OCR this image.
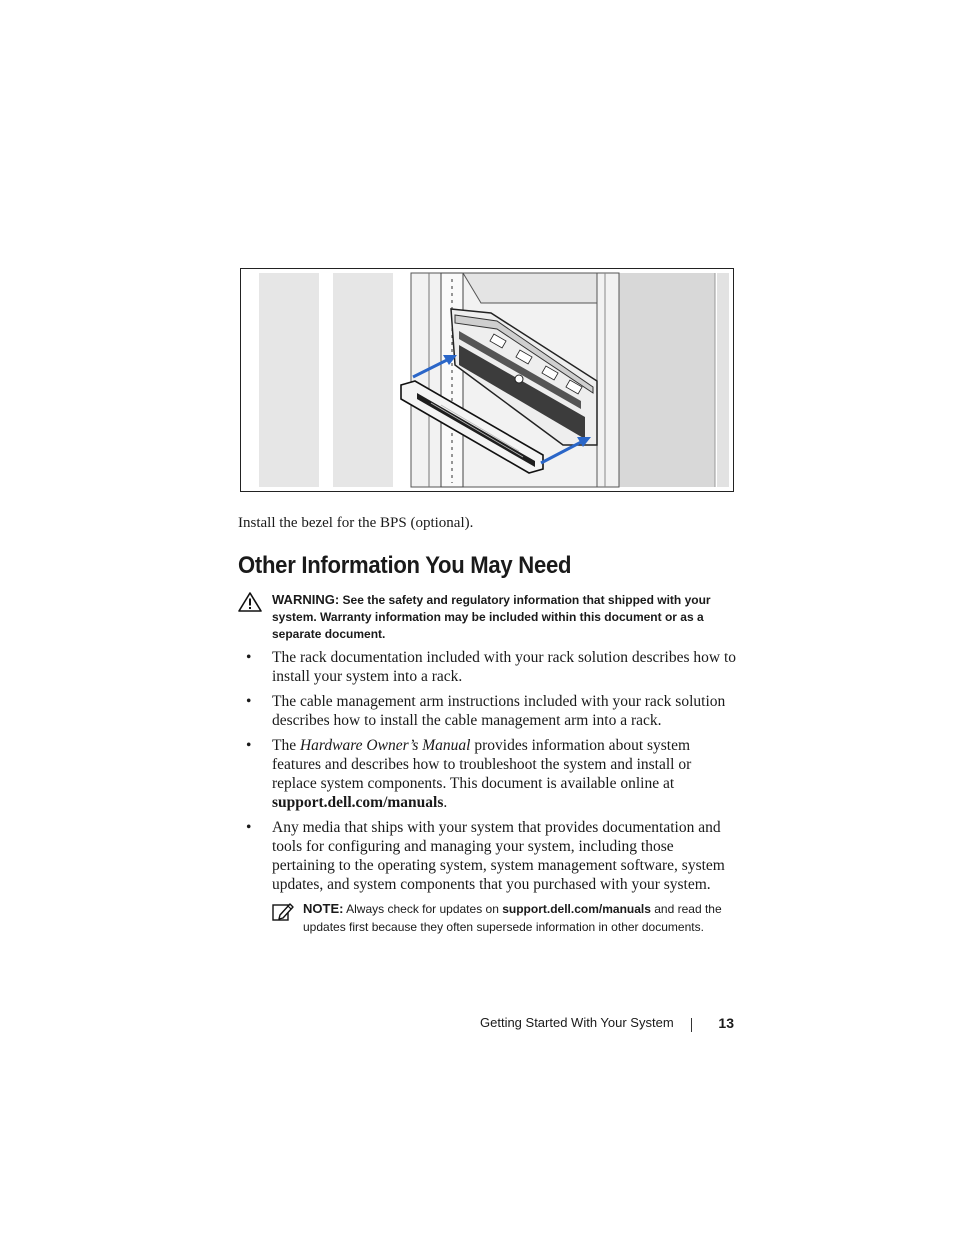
Install the bezel for the BPS (optional).
Other Information You May Need
WARNING: See the safety and regulatory information that shipped with your system. Warranty information may be included within this document or as a separate document.
• The rack documentation included with your rack solution describes how to install your system into a rack.
• The cable management arm instructions included with your rack solution describes how to install the cable management arm into a rack.
• The Hardware Owner’s Manual provides information about system features and describes how to troubleshoot the system and install or replace system components. This document is available online at support.dell.com/manuals.
• Any media that ships with your system that provides documentation and tools for configuring and managing your system, including those pertaining to the operating system, system management software, system updates, and system components that you purchased with your system.
NOTE: Always check for updates on support.dell.com/manuals and read the updates first because they often supersede information in other documents.
Getting Started With Your System	13
